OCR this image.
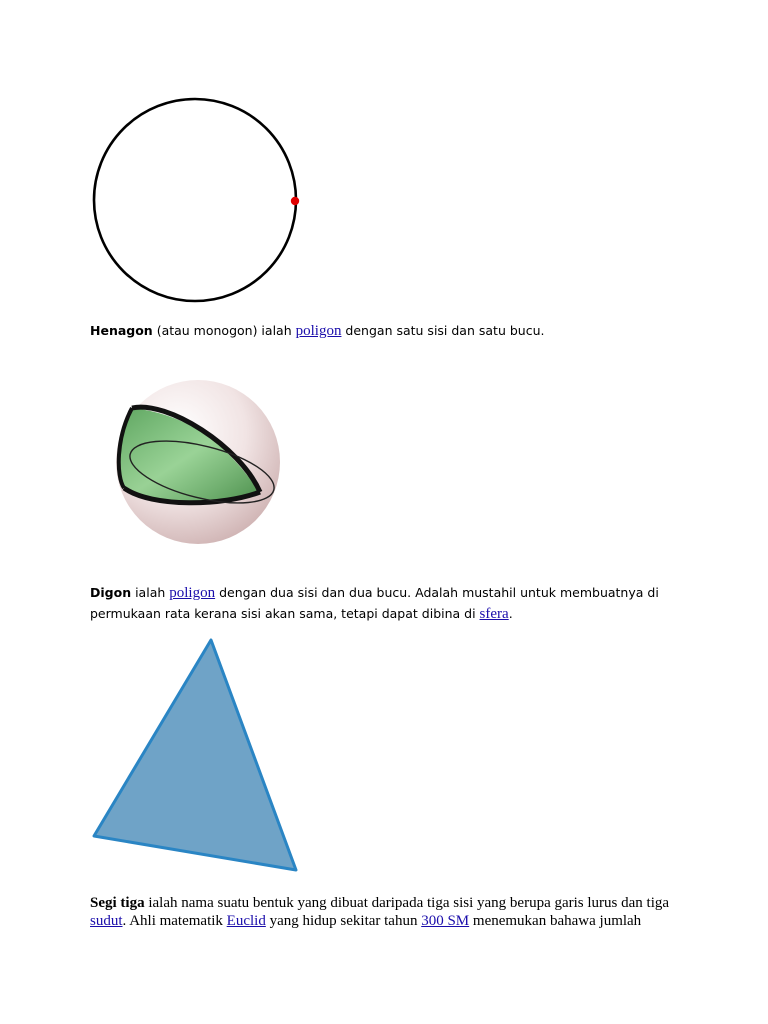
Henagon (atau monogon) ialah poligon dengan satu sisi dan satu bucu.

Digon ialah poligon dengan dua sisi dan dua bucu. Adalah mustahil untuk membuatnya di permukaan rata kerana sisi akan sama, tetapi dapat dibina di sfera.

Segi tiga ialah nama suatu bentuk yang dibuat daripada tiga sisi yang berupa garis lurus dan tiga sudut. Ahli matematik Euclid yang hidup sekitar tahun 300 SM menemukan bahawa jumlah
